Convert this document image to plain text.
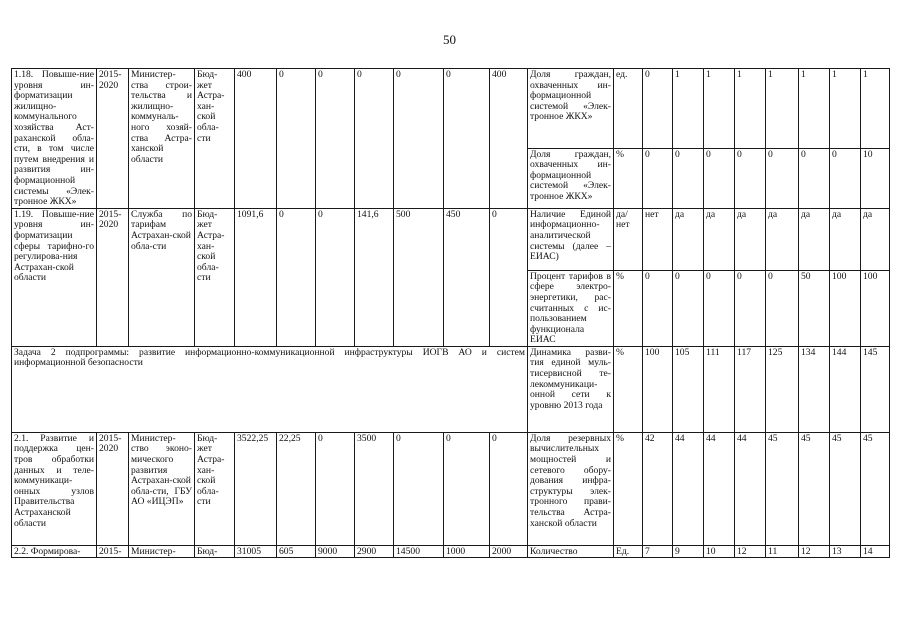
50
1.18. Повыше-ние уровня ин-форматизации жилищно-коммунального хозяйства Аст-раханской обла-сти, в том числе путем внедрения и развития ин-формационной системы «Элек-тронное ЖКХ»	2015-2020	Министер-ства строи-тельства и жилищно-коммуналь-ного хозяй-ства Астра-ханской области	Бюд-жет Астра-хан-ской обла-сти	400	0	0	0	0	0	400	Доля граждан, охваченных ин-формационной системой «Элек-тронное ЖКХ»	ед.	0	1	1	1	1	1	1	1
											Доля граждан, охваченных ин-формационной системой «Элек-тронное ЖКХ»	%	0	0	0	0	0	0	0	10
1.19. Повыше-ние уровня ин-форматизации сферы тарифно-го регулирова-ния Астрахан-ской области	2015-2020	Служба по тарифам Астрахан-ской обла-сти	Бюд-жет Астра-хан-ской обла-сти	1091,6	0	0	141,6	500	450	0	Наличие Единой информационно-аналитической системы (далее – ЕИАС)	да/нет	нет	да	да	да	да	да	да	да
											Процент тарифов в сфере электро-энергетики, рас-считанных с ис-пользованием функционала ЕИАС	%	0	0	0	0	0	50	100	100
Задача 2 подпрограммы: развитие информационно-коммуникационной инфраструктуры ИОГВ АО и систем информационной безопасности											Динамика разви-тия единой муль-тисервисной те-лекоммуникаци-онной сети к уровню 2013 года	%	100	105	111	117	125	134	144	145
2.1. Развитие и поддержка цен-тров обработки данных и теле-коммуникаци-онных узлов Правительства Астраханской области	2015-2020	Министер-ство эконо-мического развития Астрахан-ской обла-сти, ГБУ АО «ИЦЭП»	Бюд-жет Астра-хан-ской обла-сти	3522,25	22,25	0	3500	0	0	0	Доля резервных вычислительных мощностей и сетевого обору-дования инфра-структуры элек-тронного прави-тельства Астра-ханской области	%	42	44	44	44	45	45	45	45
2.2. Формирова-	2015-	Министер-	Бюд-	31005	605	9000	2900	14500	1000	2000	Количество	Ед.	7	9	10	12	11	12	13	14
